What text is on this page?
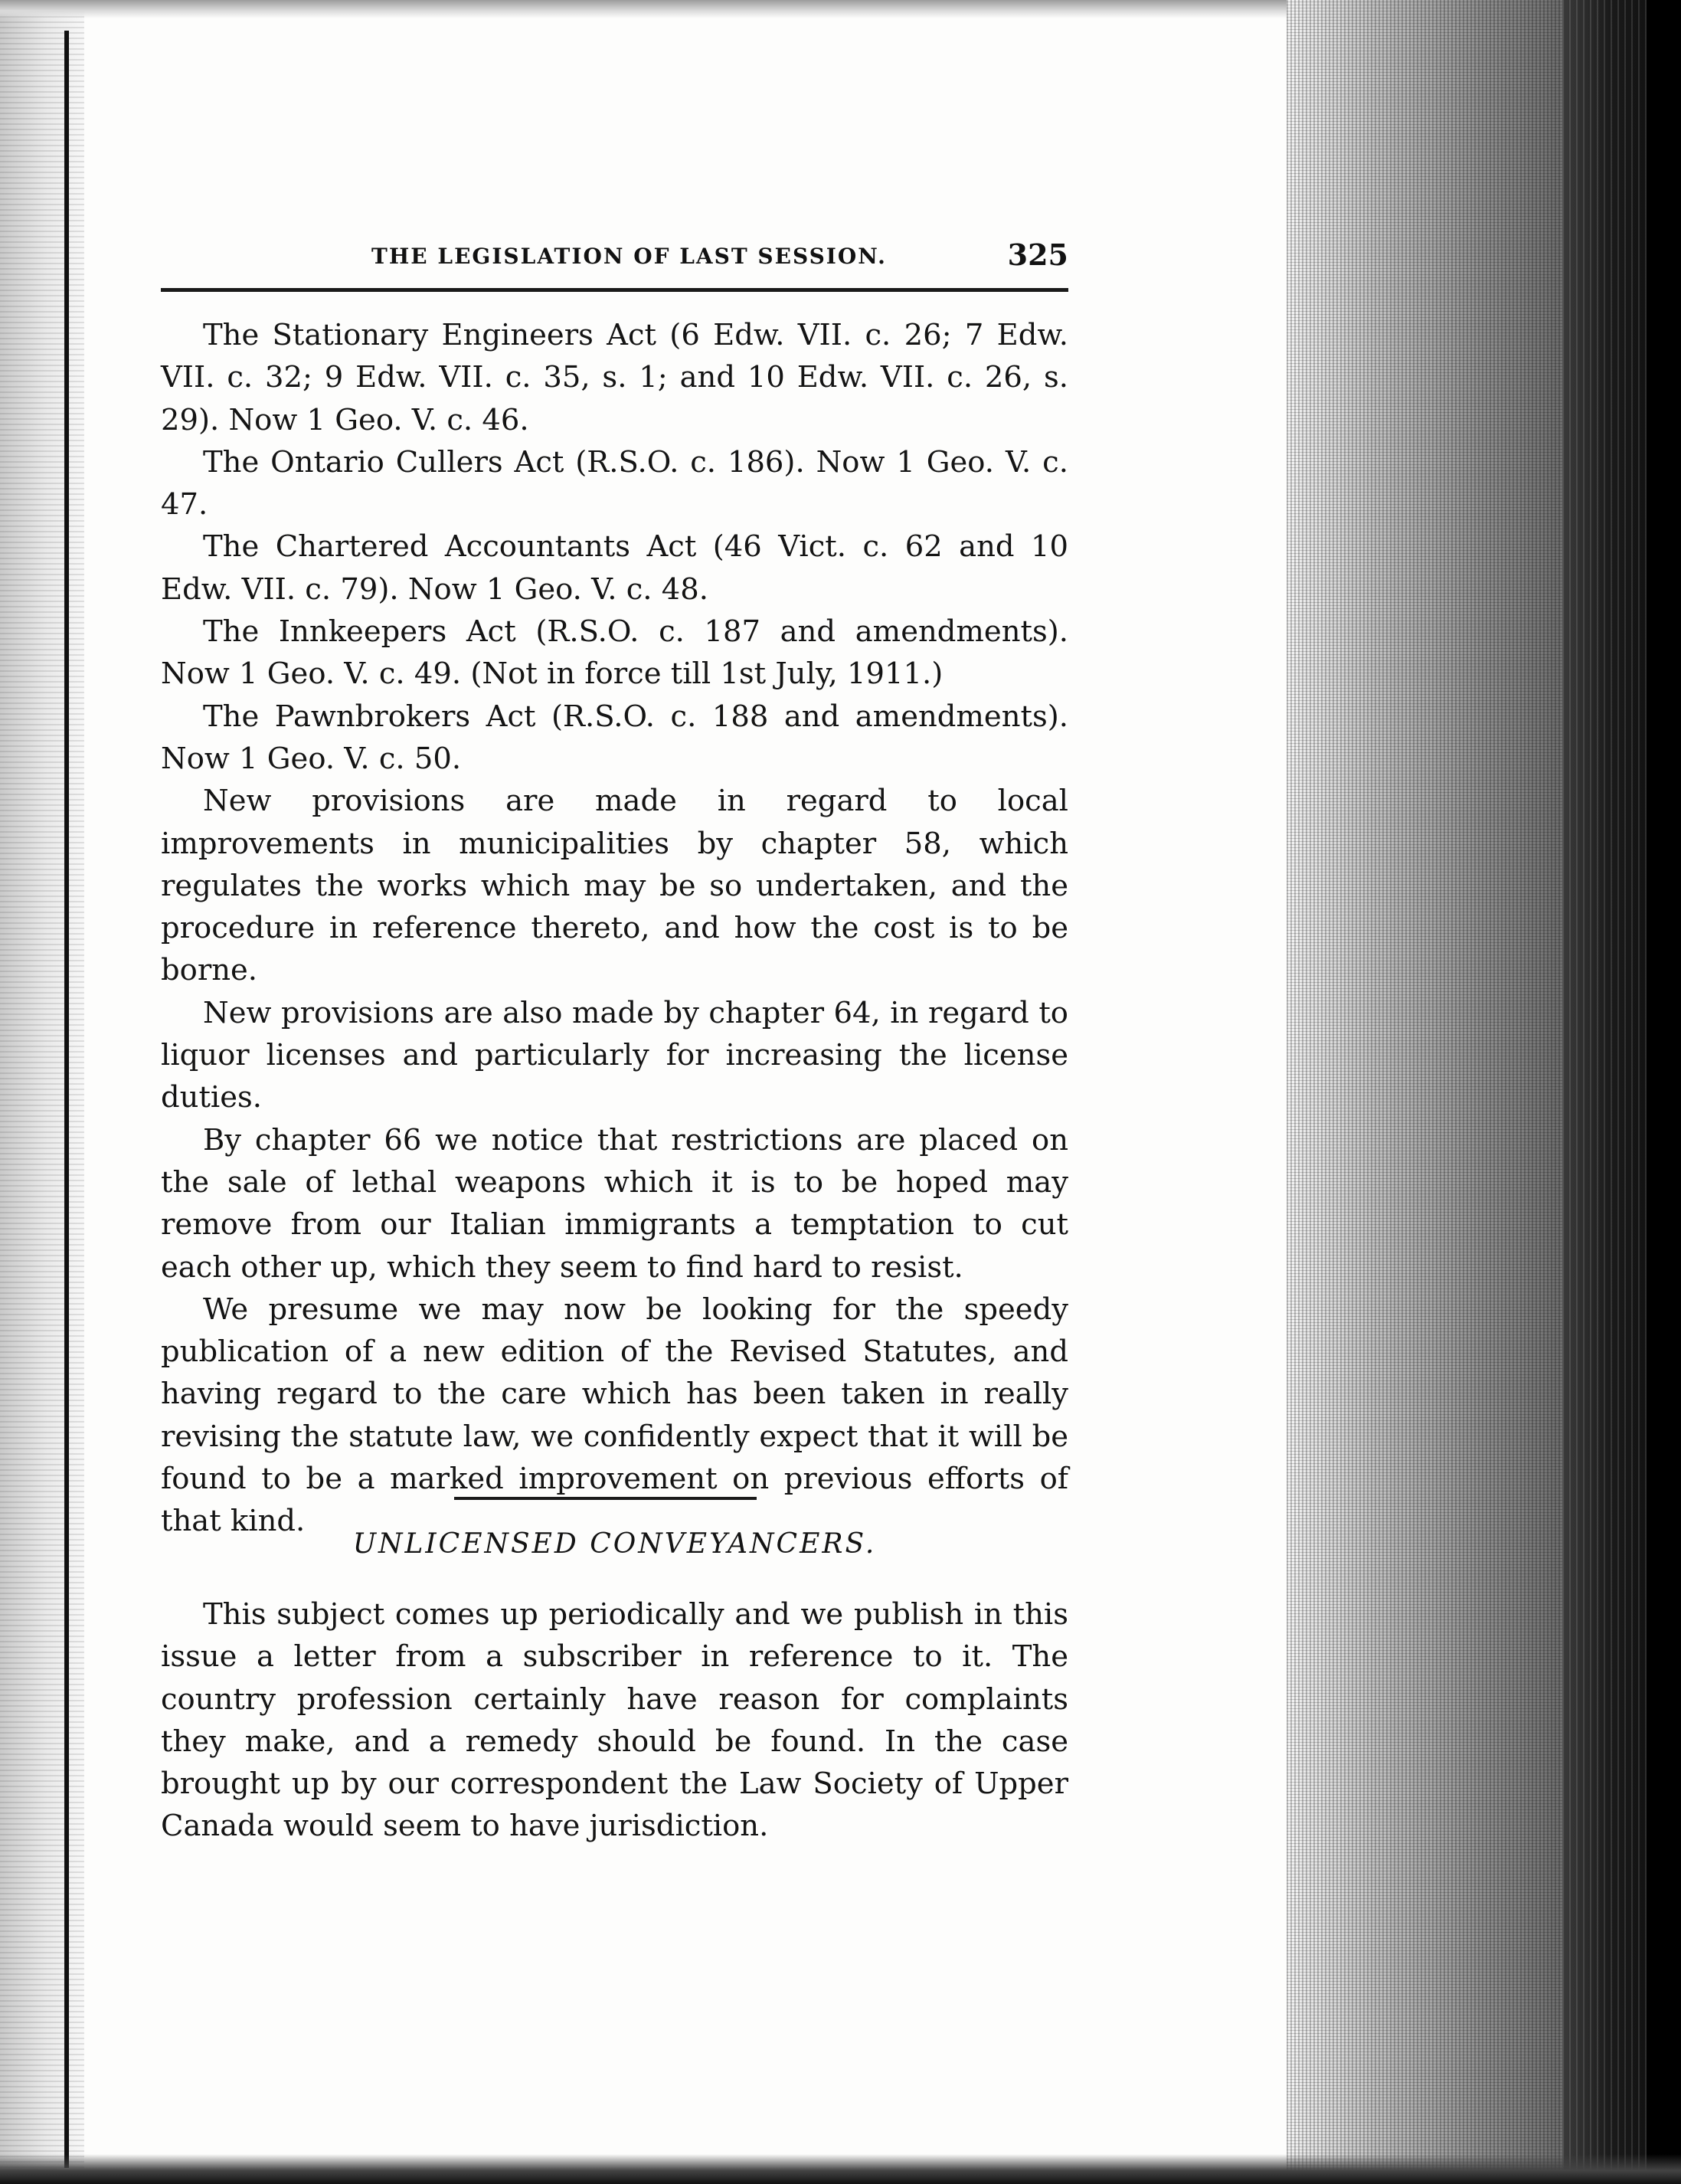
THE LEGISLATION OF LAST SESSION.	325

The Stationary Engineers Act (6 Edw. VII. c. 26; 7 Edw. VII. c. 32; 9 Edw. VII. c. 35, s. 1; and 10 Edw. VII. c. 26, s. 29). Now 1 Geo. V. c. 46.

The Ontario Cullers Act (R.S.O. c. 186). Now 1 Geo. V. c. 47.

The Chartered Accountants Act (46 Vict. c. 62 and 10 Edw. VII. c. 79). Now 1 Geo. V. c. 48.

The Innkeepers Act (R.S.O. c. 187 and amendments). Now 1 Geo. V. c. 49. (Not in force till 1st July, 1911.)

The Pawnbrokers Act (R.S.O. c. 188 and amendments). Now 1 Geo. V. c. 50.

New provisions are made in regard to local improvements in municipalities by chapter 58, which regulates the works which may be so undertaken, and the procedure in reference thereto, and how the cost is to be borne.

New provisions are also made by chapter 64, in regard to liquor licenses and particularly for increasing the license duties.

By chapter 66 we notice that restrictions are placed on the sale of lethal weapons which it is to be hoped may remove from our Italian immigrants a temptation to cut each other up, which they seem to find hard to resist.

We presume we may now be looking for the speedy publication of a new edition of the Revised Statutes, and having regard to the care which has been taken in really revising the statute law, we confidently expect that it will be found to be a marked improvement on previous efforts of that kind.

UNLICENSED CONVEYANCERS.

This subject comes up periodically and we publish in this issue a letter from a subscriber in reference to it. The country profession certainly have reason for complaints they make, and a remedy should be found. In the case brought up by our correspondent the Law Society of Upper Canada would seem to have jurisdiction.
